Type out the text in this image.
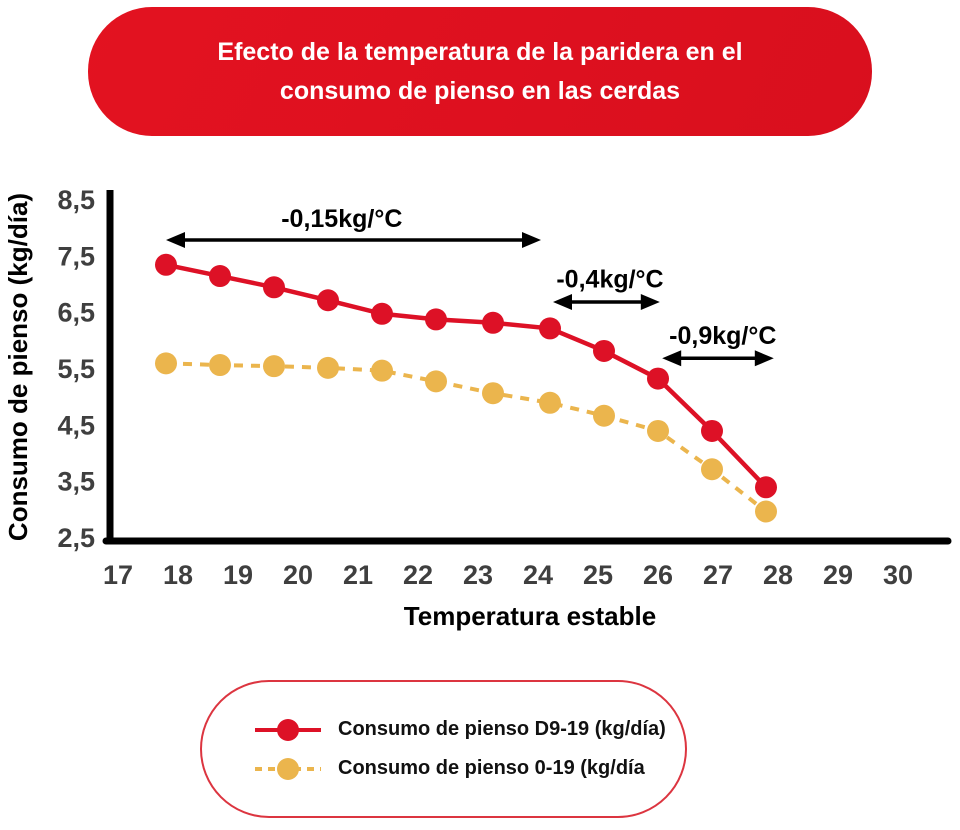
Efecto de la temperatura de la paridera en el
consumo de pienso en las cerdas
8,5
7,5
6,5
5,5
4,5
3,5
2,5
17 18 19 20 21 22 23 24 25 26 27 28 29 30
Consumo de pienso (kg/día)
Temperatura estable
-0,15kg/°C
-0,4kg/°C
-0,9kg/°C
Consumo de pienso D9-19 (kg/día)
Consumo de pienso 0-19 (kg/día
